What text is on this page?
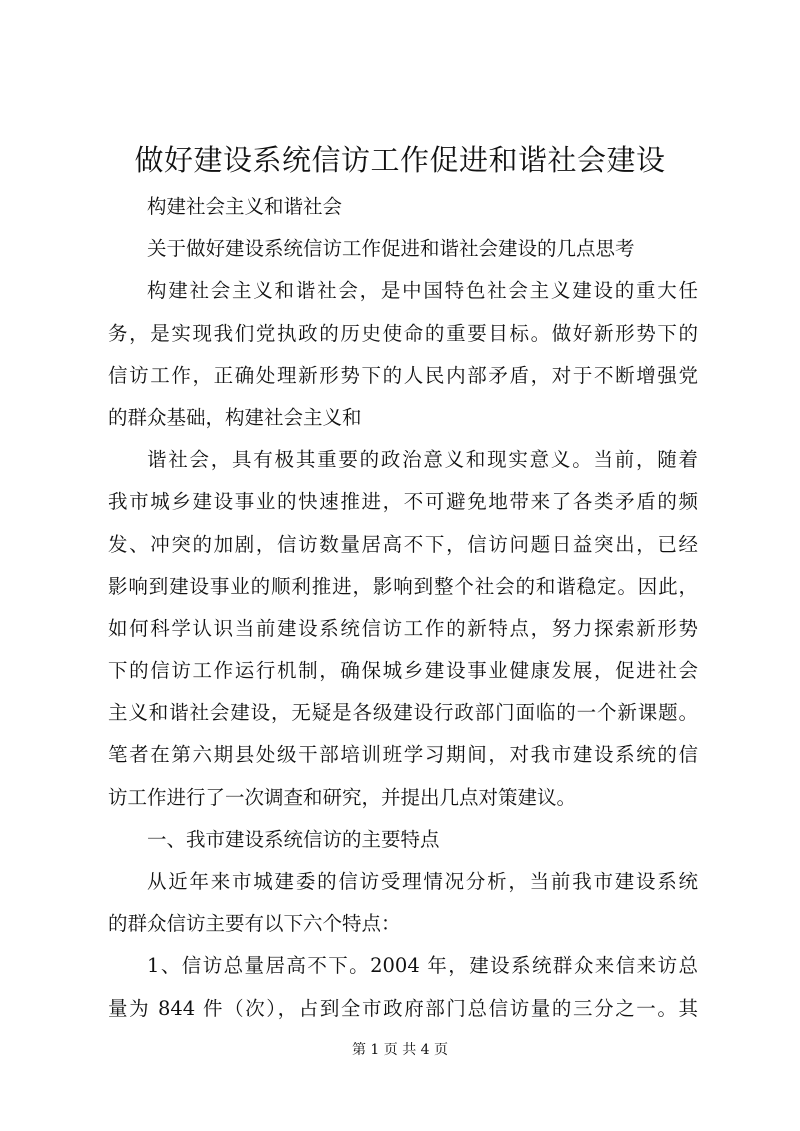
做好建设系统信访工作促进和谐社会建设
构建社会主义和谐社会
关于做好建设系统信访工作促进和谐社会建设的几点思考
构建社会主义和谐社会，是中国特色社会主义建设的重大任
务，是实现我们党执政的历史使命的重要目标。做好新形势下的
信访工作，正确处理新形势下的人民内部矛盾，对于不断增强党
的群众基础，构建社会主义和
谐社会，具有极其重要的政治意义和现实意义。当前，随着
我市城乡建设事业的快速推进，不可避免地带来了各类矛盾的频
发、冲突的加剧，信访数量居高不下，信访问题日益突出，已经
影响到建设事业的顺利推进，影响到整个社会的和谐稳定。因此，
如何科学认识当前建设系统信访工作的新特点，努力探索新形势
下的信访工作运行机制，确保城乡建设事业健康发展，促进社会
主义和谐社会建设，无疑是各级建设行政部门面临的一个新课题。
笔者在第六期县处级干部培训班学习期间，对我市建设系统的信
访工作进行了一次调查和研究，并提出几点对策建议。
一、我市建设系统信访的主要特点
从近年来市城建委的信访受理情况分析，当前我市建设系统
的群众信访主要有以下六个特点：
1、信访总量居高不下。2004 年，建设系统群众来信来访总
量为 844 件（次），占到全市政府部门总信访量的三分之一。其
第 1 页 共 4 页
